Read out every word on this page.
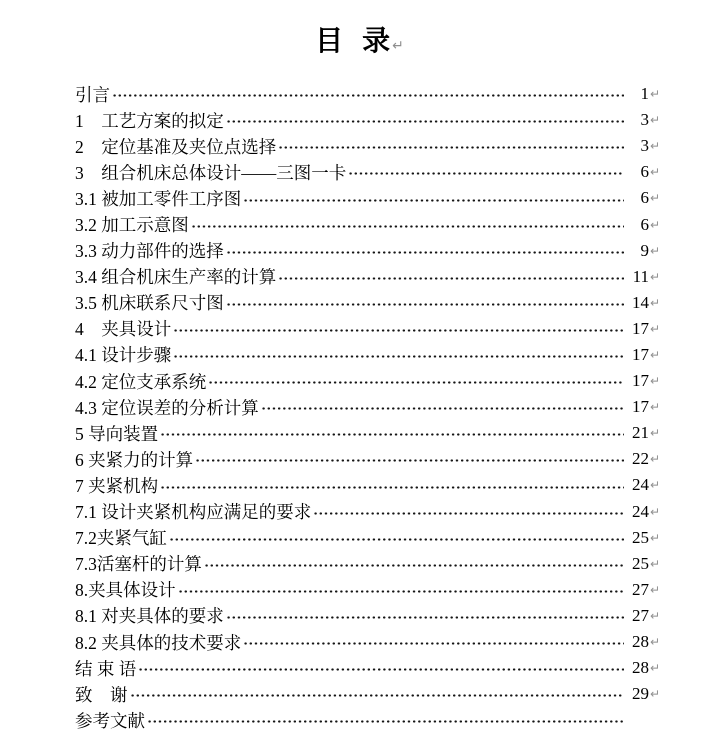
目 录 ↵
引言	1 ↵
1　工艺方案的拟定	3 ↵
2　定位基准及夹位点选择	3 ↵
3　组合机床总体设计——三图一卡	6 ↵
3.1 被加工零件工序图	6 ↵
3.2 加工示意图	6 ↵
3.3 动力部件的选择	9 ↵
3.4 组合机床生产率的计算	11 ↵
3.5 机床联系尺寸图	14 ↵
4　夹具设计	17 ↵
4.1 设计步骤	17 ↵
4.2 定位支承系统	17 ↵
4.3 定位误差的分析计算	17 ↵
5 导向装置	21 ↵
6 夹紧力的计算	22 ↵
7 夹紧机构	24 ↵
7.1 设计夹紧机构应满足的要求	24 ↵
7.2夹紧气缸	25 ↵
7.3活塞杆的计算	25 ↵
8.夹具体设计	27 ↵
8.1 对夹具体的要求	27 ↵
8.2 夹具体的技术要求	28 ↵
结 束 语	28 ↵
致　谢	29 ↵
参考文献
